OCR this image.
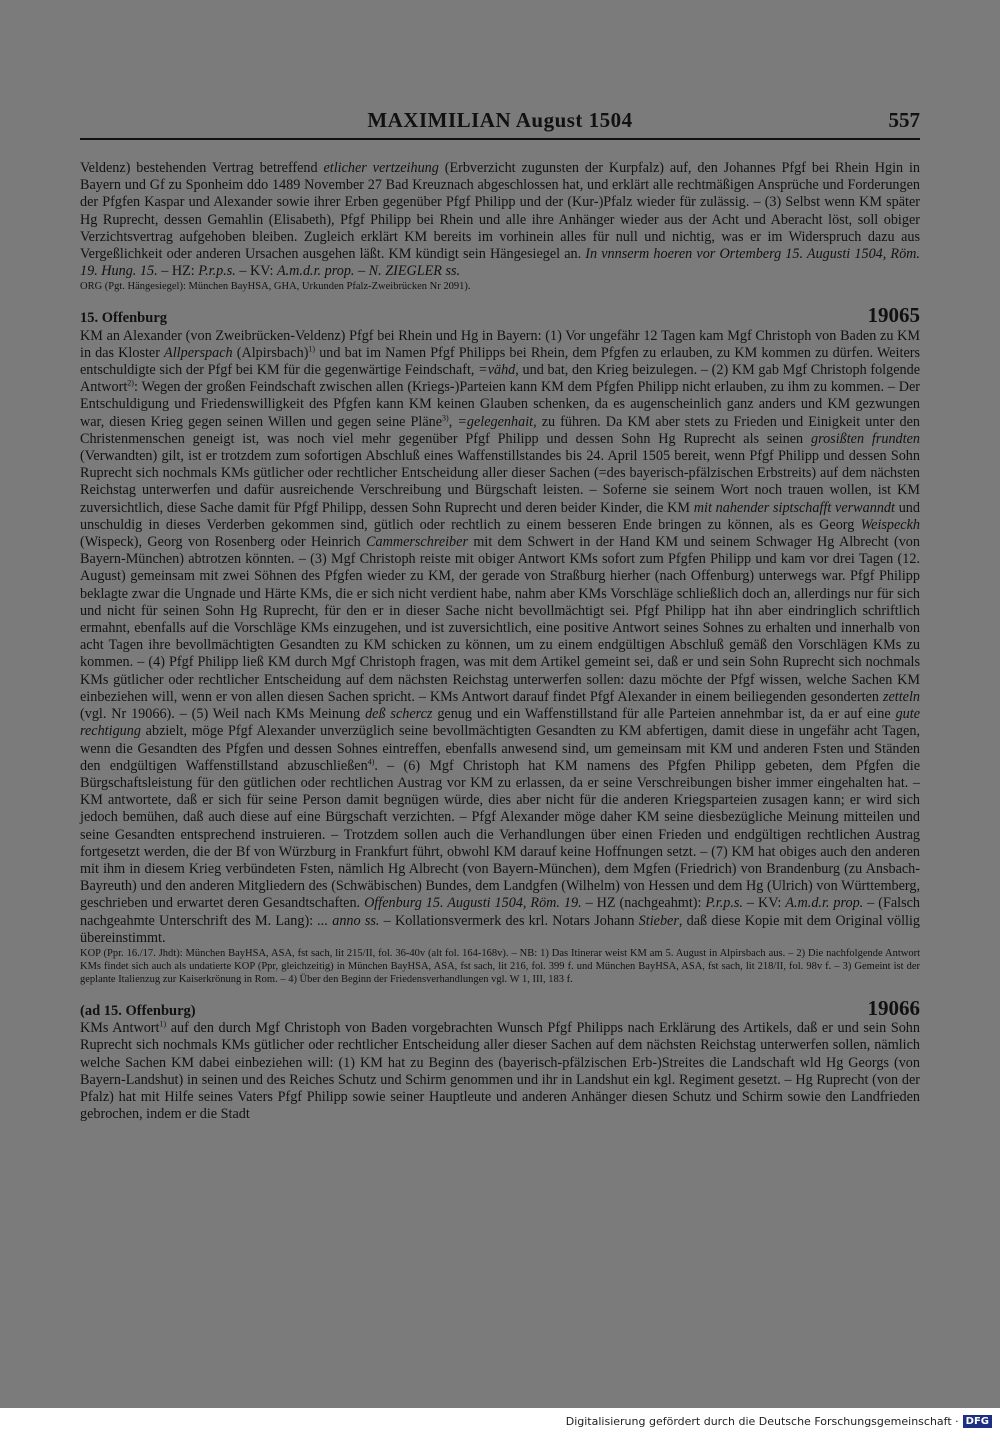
MAXIMILIAN August 1504	557

Veldenz) bestehenden Vertrag betreffend etlicher vertzeihung (Erbverzicht zugunsten der Kurpfalz) auf, den Johannes Pfgf bei Rhein Hgin in Bayern und Gf zu Sponheim ddo 1489 November 27 Bad Kreuznach abgeschlossen hat, und erklärt alle rechtmäßigen Ansprüche und Forderungen der Pfgfen Kaspar und Alexander sowie ihrer Erben gegenüber Pfgf Philipp und der (Kur-)Pfalz wieder für zulässig. – (3) Selbst wenn KM später Hg Ruprecht, dessen Gemahlin (Elisabeth), Pfgf Philipp bei Rhein und alle ihre Anhänger wieder aus der Acht und Aberacht löst, soll obiger Verzichtsvertrag aufgehoben bleiben. Zugleich erklärt KM bereits im vorhinein alles für null und nichtig, was er im Widerspruch dazu aus Vergeßlichkeit oder anderen Ursachen ausgehen läßt. KM kündigt sein Hängesiegel an. In vnnserm hoeren vor Ortemberg 15. Augusti 1504, Röm. 19. Hung. 15. – HZ: P.r.p.s. – KV: A.m.d.r. prop. – N. ZIEGLER ss.

ORG (Pgt. Hängesiegel): München BayHSA, GHA, Urkunden Pfalz-Zweibrücken Nr 2091).

15. Offenburg	19065

KM an Alexander (von Zweibrücken-Veldenz) Pfgf bei Rhein und Hg in Bayern: (1) Vor ungefähr 12 Tagen kam Mgf Christoph von Baden zu KM in das Kloster Allperspach (Alpirsbach)$^{1)}$ und bat im Namen Pfgf Philipps bei Rhein, dem Pfgfen zu erlauben, zu KM kommen zu dürfen. Weiters entschuldigte sich der Pfgf bei KM für die gegenwärtige Feindschaft, =vähd, und bat, den Krieg beizulegen. – (2) KM gab Mgf Christoph folgende Antwort$^{2)}$: Wegen der großen Feindschaft zwischen allen (Kriegs-)Parteien kann KM dem Pfgfen Philipp nicht erlauben, zu ihm zu kommen. – Der Entschuldigung und Friedenswilligkeit des Pfgfen kann KM keinen Glauben schenken, da es augenscheinlich ganz anders und KM gezwungen war, diesen Krieg gegen seinen Willen und gegen seine Pläne$^{3)}$, =gelegenhait, zu führen. Da KM aber stets zu Frieden und Einigkeit unter den Christenmenschen geneigt ist, was noch viel mehr gegenüber Pfgf Philipp und dessen Sohn Hg Ruprecht als seinen grosißten frundten (Verwandten) gilt, ist er trotzdem zum sofortigen Abschluß eines Waffenstillstandes bis 24. April 1505 bereit, wenn Pfgf Philipp und dessen Sohn Ruprecht sich nochmals KMs gütlicher oder rechtlicher Entscheidung aller dieser Sachen (=des bayerisch-pfälzischen Erbstreits) auf dem nächsten Reichstag unterwerfen und dafür ausreichende Verschreibung und Bürgschaft leisten. – Soferne sie seinem Wort noch trauen wollen, ist KM zuversichtlich, diese Sache damit für Pfgf Philipp, dessen Sohn Ruprecht und deren beider Kinder, die KM mit nahender siptschafft verwanndt und unschuldig in dieses Verderben gekommen sind, gütlich oder rechtlich zu einem besseren Ende bringen zu können, als es Georg Weispeckh (Wispeck), Georg von Rosenberg oder Heinrich Cammerschreiber mit dem Schwert in der Hand KM und seinem Schwager Hg Albrecht (von Bayern-München) abtrotzen könnten. – (3) Mgf Christoph reiste mit obiger Antwort KMs sofort zum Pfgfen Philipp und kam vor drei Tagen (12. August) gemeinsam mit zwei Söhnen des Pfgfen wieder zu KM, der gerade von Straßburg hierher (nach Offenburg) unterwegs war. Pfgf Philipp beklagte zwar die Ungnade und Härte KMs, die er sich nicht verdient habe, nahm aber KMs Vorschläge schließlich doch an, allerdings nur für sich und nicht für seinen Sohn Hg Ruprecht, für den er in dieser Sache nicht bevollmächtigt sei. Pfgf Philipp hat ihn aber eindringlich schriftlich ermahnt, ebenfalls auf die Vorschläge KMs einzugehen, und ist zuversichtlich, eine positive Antwort seines Sohnes zu erhalten und innerhalb von acht Tagen ihre bevollmächtigten Gesandten zu KM schicken zu können, um zu einem endgültigen Abschluß gemäß den Vorschlägen KMs zu kommen. – (4) Pfgf Philipp ließ KM durch Mgf Christoph fragen, was mit dem Artikel gemeint sei, daß er und sein Sohn Ruprecht sich nochmals KMs gütlicher oder rechtlicher Entscheidung auf dem nächsten Reichstag unterwerfen sollen: dazu möchte der Pfgf wissen, welche Sachen KM einbeziehen will, wenn er von allen diesen Sachen spricht. – KMs Antwort darauf findet Pfgf Alexander in einem beiliegenden gesonderten zetteln (vgl. Nr 19066). – (5) Weil nach KMs Meinung deß schercz genug und ein Waffenstillstand für alle Parteien annehmbar ist, da er auf eine gute rechtigung abzielt, möge Pfgf Alexander unverzüglich seine bevollmächtigten Gesandten zu KM abfertigen, damit diese in ungefähr acht Tagen, wenn die Gesandten des Pfgfen und dessen Sohnes eintreffen, ebenfalls anwesend sind, um gemeinsam mit KM und anderen Fsten und Ständen den endgültigen Waffenstillstand abzuschließen$^{4)}$. – (6) Mgf Christoph hat KM namens des Pfgfen Philipp gebeten, dem Pfgfen die Bürgschaftsleistung für den gütlichen oder rechtlichen Austrag vor KM zu erlassen, da er seine Verschreibungen bisher immer eingehalten hat. – KM antwortete, daß er sich für seine Person damit begnügen würde, dies aber nicht für die anderen Kriegsparteien zusagen kann; er wird sich jedoch bemühen, daß auch diese auf eine Bürgschaft verzichten. – Pfgf Alexander möge daher KM seine diesbezügliche Meinung mitteilen und seine Gesandten entsprechend instruieren. – Trotzdem sollen auch die Verhandlungen über einen Frieden und endgültigen rechtlichen Austrag fortgesetzt werden, die der Bf von Würzburg in Frankfurt führt, obwohl KM darauf keine Hoffnungen setzt. – (7) KM hat obiges auch den anderen mit ihm in diesem Krieg verbündeten Fsten, nämlich Hg Albrecht (von Bayern-München), dem Mgfen (Friedrich) von Brandenburg (zu Ansbach-Bayreuth) und den anderen Mitgliedern des (Schwäbischen) Bundes, dem Landgfen (Wilhelm) von Hessen und dem Hg (Ulrich) von Württemberg, geschrieben und erwartet deren Gesandtschaften. Offenburg 15. Augusti 1504, Röm. 19. – HZ (nachgeahmt): P.r.p.s. – KV: A.m.d.r. prop. – (Falsch nachgeahmte Unterschrift des M. Lang): ... anno ss. – Kollationsvermerk des krl. Notars Johann Stieber, daß diese Kopie mit dem Original völlig übereinstimmt.

KOP (Ppr. 16./17. Jhdt): München BayHSA, ASA, fst sach, lit 215/II, fol. 36-40v (alt fol. 164-168v). – NB: 1) Das Itinerar weist KM am 5. August in Alpirsbach aus. – 2) Die nachfolgende Antwort KMs findet sich auch als undatierte KOP (Ppr, gleichzeitig) in München BayHSA, ASA, fst sach, lit 216, fol. 399 f. und München BayHSA, ASA, fst sach, lit 218/II, fol. 98v f. – 3) Gemeint ist der geplante Italienzug zur Kaiserkrönung in Rom. – 4) Über den Beginn der Friedensverhandlungen vgl. W 1, III, 183 f.

(ad 15. Offenburg)	19066

KMs Antwort$^{1)}$ auf den durch Mgf Christoph von Baden vorgebrachten Wunsch Pfgf Philipps nach Erklärung des Artikels, daß er und sein Sohn Ruprecht sich nochmals KMs gütlicher oder rechtlicher Entscheidung aller dieser Sachen auf dem nächsten Reichstag unterwerfen sollen, nämlich welche Sachen KM dabei einbeziehen will: (1) KM hat zu Beginn des (bayerisch-pfälzischen Erb-)Streites die Landschaft wld Hg Georgs (von Bayern-Landshut) in seinen und des Reiches Schutz und Schirm genommen und ihr in Landshut ein kgl. Regiment gesetzt. – Hg Ruprecht (von der Pfalz) hat mit Hilfe seines Vaters Pfgf Philipp sowie seiner Hauptleute und anderen Anhänger diesen Schutz und Schirm sowie den Landfrieden gebrochen, indem er die Stadt

Digitalisierung gefördert durch die Deutsche Forschungsgemeinschaft · DFG
